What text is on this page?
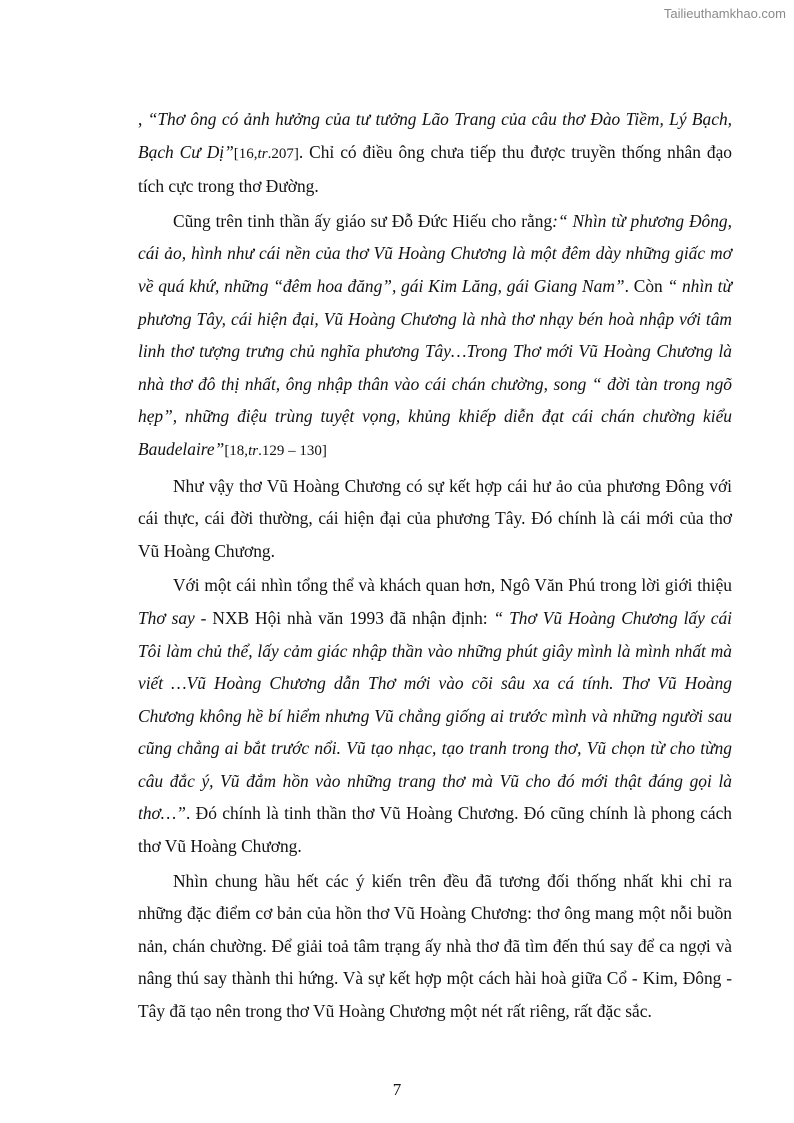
Tailieuthamkhao.com

, “Thơ ông có ảnh hưởng của tư tưởng Lão Trang của câu thơ Đào Tiềm, Lý Bạch, Bạch Cư Dị”[16,tr.207]. Chỉ có điều ông chưa tiếp thu được truyền thống nhân đạo tích cực trong thơ Đường.

Cũng trên tinh thần ấy giáo sư Đỗ Đức Hiếu cho rằng:“ Nhìn từ phương Đông, cái ảo, hình như cái nền của thơ Vũ Hoàng Chương là một đêm dày những giấc mơ về quá khứ, những “đêm hoa đăng”, gái Kim Lăng, gái Giang Nam”. Còn “ nhìn từ phương Tây, cái hiện đại, Vũ Hoàng Chương là nhà thơ nhạy bén hoà nhập với tâm linh thơ tượng trưng chủ nghĩa phương Tây…Trong Thơ mới Vũ Hoàng Chương là nhà thơ đô thị nhất, ông nhập thân vào cái chán chường, song “ đời tàn trong ngõ hẹp”, những điệu trùng tuyệt vọng, khủng khiếp diễn đạt cái chán chường kiểu Baudelaire”[18,tr.129 – 130]

Như vậy thơ Vũ Hoàng Chương có sự kết hợp cái hư ảo của phương Đông với cái thực, cái đời thường, cái hiện đại của phương Tây. Đó chính là cái mới của thơ Vũ Hoàng Chương.

Với một cái nhìn tổng thể và khách quan hơn, Ngô Văn Phú trong lời giới thiệu Thơ say - NXB Hội nhà văn 1993 đã nhận định: “ Thơ Vũ Hoàng Chương lấy cái Tôi làm chủ thể, lấy cảm giác nhập thần vào những phút giây mình là mình nhất mà viết …Vũ Hoàng Chương dẫn Thơ mới vào cõi sâu xa cá tính. Thơ Vũ Hoàng Chương không hề bí hiểm nhưng Vũ chẳng giống ai trước mình và những người sau cũng chẳng ai bắt trước nổi. Vũ tạo nhạc, tạo tranh trong thơ, Vũ chọn từ cho từng câu đắc ý, Vũ đắm hồn vào những trang thơ mà Vũ cho đó mới thật đáng gọi là thơ…”. Đó chính là tinh thần thơ Vũ Hoàng Chương. Đó cũng chính là phong cách thơ Vũ Hoàng Chương.

Nhìn chung hầu hết các ý kiến trên đều đã tương đối thống nhất khi chỉ ra những đặc điểm cơ bản của hồn thơ Vũ Hoàng Chương: thơ ông mang một nỗi buồn nản, chán chường. Để giải toả tâm trạng ấy nhà thơ đã tìm đến thú say để ca ngợi và nâng thú say thành thi hứng. Và sự kết hợp một cách hài hoà giữa Cổ - Kim, Đông - Tây đã tạo nên trong thơ Vũ Hoàng Chương một nét rất riêng, rất đặc sắc.

7
